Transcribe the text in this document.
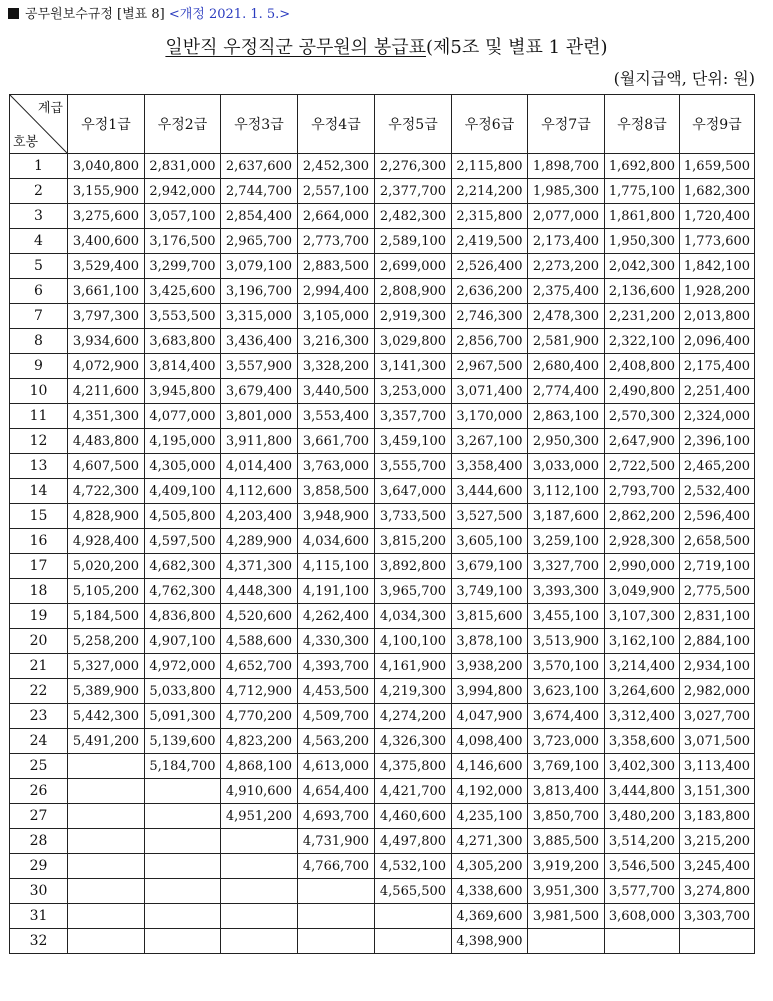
공무원보수규정 [별표 8] <개정 2021. 1. 5.>
일반직 우정직군 공무원의 봉급표(제5조 및 별표 1 관련)
(월지급액, 단위: 원)
계급
호봉	우정1급	우정2급	우정3급	우정4급	우정5급	우정6급	우정7급	우정8급	우정9급
1	3,040,800	2,831,000	2,637,600	2,452,300	2,276,300	2,115,800	1,898,700	1,692,800	1,659,500
2	3,155,900	2,942,000	2,744,700	2,557,100	2,377,700	2,214,200	1,985,300	1,775,100	1,682,300
3	3,275,600	3,057,100	2,854,400	2,664,000	2,482,300	2,315,800	2,077,000	1,861,800	1,720,400
4	3,400,600	3,176,500	2,965,700	2,773,700	2,589,100	2,419,500	2,173,400	1,950,300	1,773,600
5	3,529,400	3,299,700	3,079,100	2,883,500	2,699,000	2,526,400	2,273,200	2,042,300	1,842,100
6	3,661,100	3,425,600	3,196,700	2,994,400	2,808,900	2,636,200	2,375,400	2,136,600	1,928,200
7	3,797,300	3,553,500	3,315,000	3,105,000	2,919,300	2,746,300	2,478,300	2,231,200	2,013,800
8	3,934,600	3,683,800	3,436,400	3,216,300	3,029,800	2,856,700	2,581,900	2,322,100	2,096,400
9	4,072,900	3,814,400	3,557,900	3,328,200	3,141,300	2,967,500	2,680,400	2,408,800	2,175,400
10	4,211,600	3,945,800	3,679,400	3,440,500	3,253,000	3,071,400	2,774,400	2,490,800	2,251,400
11	4,351,300	4,077,000	3,801,000	3,553,400	3,357,700	3,170,000	2,863,100	2,570,300	2,324,000
12	4,483,800	4,195,000	3,911,800	3,661,700	3,459,100	3,267,100	2,950,300	2,647,900	2,396,100
13	4,607,500	4,305,000	4,014,400	3,763,000	3,555,700	3,358,400	3,033,000	2,722,500	2,465,200
14	4,722,300	4,409,100	4,112,600	3,858,500	3,647,000	3,444,600	3,112,100	2,793,700	2,532,400
15	4,828,900	4,505,800	4,203,400	3,948,900	3,733,500	3,527,500	3,187,600	2,862,200	2,596,400
16	4,928,400	4,597,500	4,289,900	4,034,600	3,815,200	3,605,100	3,259,100	2,928,300	2,658,500
17	5,020,200	4,682,300	4,371,300	4,115,100	3,892,800	3,679,100	3,327,700	2,990,000	2,719,100
18	5,105,200	4,762,300	4,448,300	4,191,100	3,965,700	3,749,100	3,393,300	3,049,900	2,775,500
19	5,184,500	4,836,800	4,520,600	4,262,400	4,034,300	3,815,600	3,455,100	3,107,300	2,831,100
20	5,258,200	4,907,100	4,588,600	4,330,300	4,100,100	3,878,100	3,513,900	3,162,100	2,884,100
21	5,327,000	4,972,000	4,652,700	4,393,700	4,161,900	3,938,200	3,570,100	3,214,400	2,934,100
22	5,389,900	5,033,800	4,712,900	4,453,500	4,219,300	3,994,800	3,623,100	3,264,600	2,982,000
23	5,442,300	5,091,300	4,770,200	4,509,700	4,274,200	4,047,900	3,674,400	3,312,400	3,027,700
24	5,491,200	5,139,600	4,823,200	4,563,200	4,326,300	4,098,400	3,723,000	3,358,600	3,071,500
25		5,184,700	4,868,100	4,613,000	4,375,800	4,146,600	3,769,100	3,402,300	3,113,400
26			4,910,600	4,654,400	4,421,700	4,192,000	3,813,400	3,444,800	3,151,300
27			4,951,200	4,693,700	4,460,600	4,235,100	3,850,700	3,480,200	3,183,800
28				4,731,900	4,497,800	4,271,300	3,885,500	3,514,200	3,215,200
29				4,766,700	4,532,100	4,305,200	3,919,200	3,546,500	3,245,400
30					4,565,500	4,338,600	3,951,300	3,577,700	3,274,800
31						4,369,600	3,981,500	3,608,000	3,303,700
32						4,398,900			
